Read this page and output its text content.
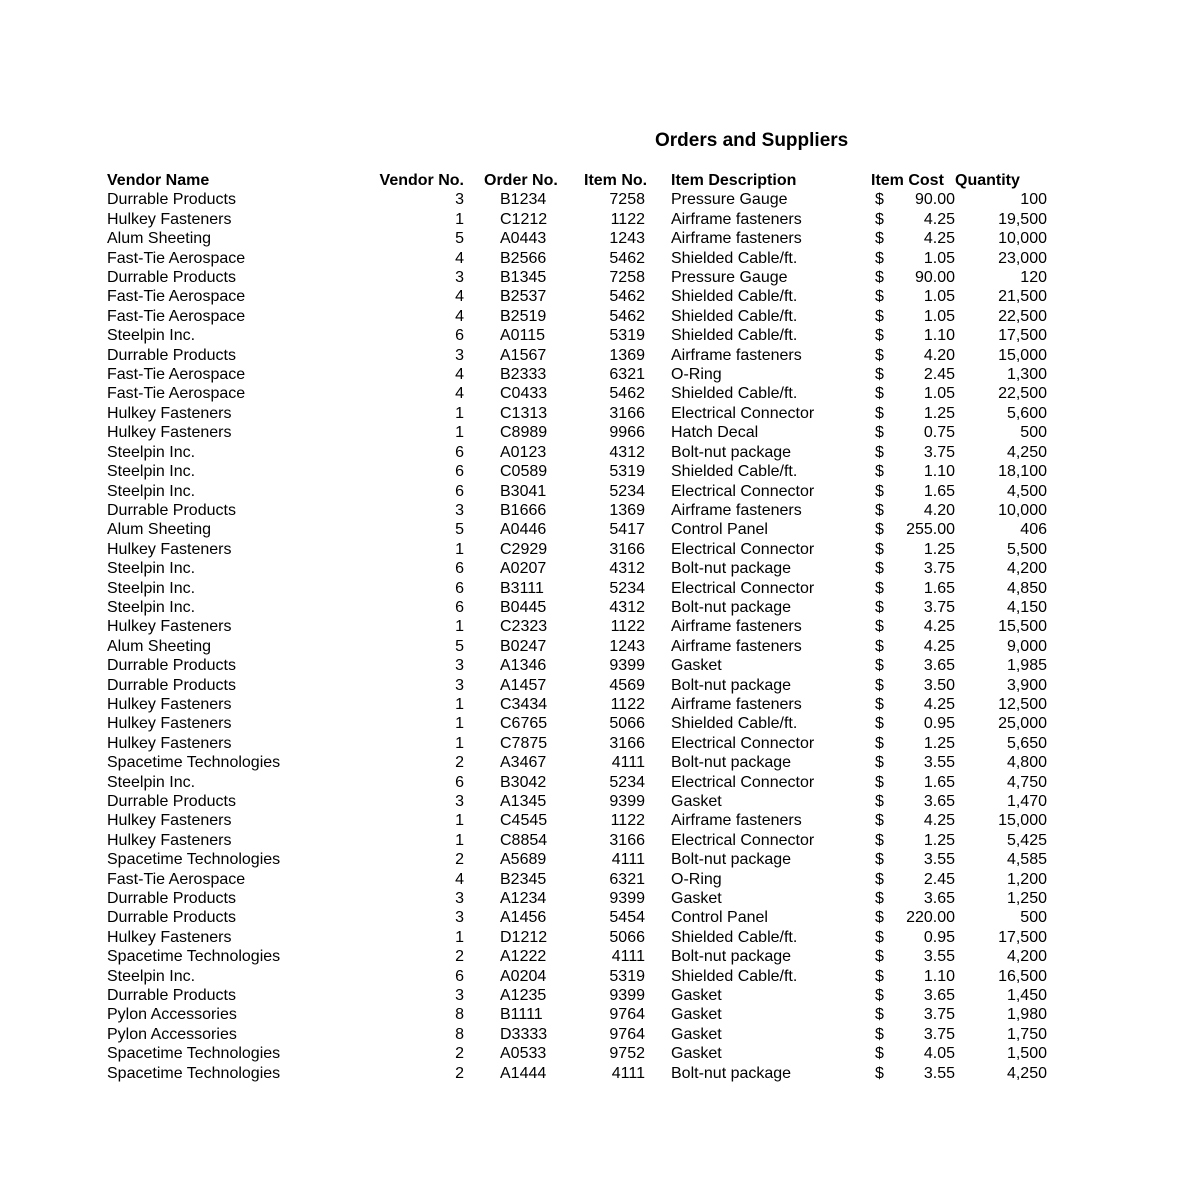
Orders and Suppliers
Vendor Name	Vendor No.	Order No.	Item No.	Item Description	Item Cost	Quantity
Durrable Products	3	B1234	7258	Pressure Gauge	$ 90.00	100
Hulkey Fasteners	1	C1212	1122	Airframe fasteners	$ 4.25	19,500
Alum Sheeting	5	A0443	1243	Airframe fasteners	$ 4.25	10,000
Fast-Tie Aerospace	4	B2566	5462	Shielded Cable/ft.	$ 1.05	23,000
Durrable Products	3	B1345	7258	Pressure Gauge	$ 90.00	120
Fast-Tie Aerospace	4	B2537	5462	Shielded Cable/ft.	$ 1.05	21,500
Fast-Tie Aerospace	4	B2519	5462	Shielded Cable/ft.	$ 1.05	22,500
Steelpin Inc.	6	A0115	5319	Shielded Cable/ft.	$ 1.10	17,500
Durrable Products	3	A1567	1369	Airframe fasteners	$ 4.20	15,000
Fast-Tie Aerospace	4	B2333	6321	O-Ring	$ 2.45	1,300
Fast-Tie Aerospace	4	C0433	5462	Shielded Cable/ft.	$ 1.05	22,500
Hulkey Fasteners	1	C1313	3166	Electrical Connector	$ 1.25	5,600
Hulkey Fasteners	1	C8989	9966	Hatch Decal	$ 0.75	500
Steelpin Inc.	6	A0123	4312	Bolt-nut package	$ 3.75	4,250
Steelpin Inc.	6	C0589	5319	Shielded Cable/ft.	$ 1.10	18,100
Steelpin Inc.	6	B3041	5234	Electrical Connector	$ 1.65	4,500
Durrable Products	3	B1666	1369	Airframe fasteners	$ 4.20	10,000
Alum Sheeting	5	A0446	5417	Control Panel	$ 255.00	406
Hulkey Fasteners	1	C2929	3166	Electrical Connector	$ 1.25	5,500
Steelpin Inc.	6	A0207	4312	Bolt-nut package	$ 3.75	4,200
Steelpin Inc.	6	B3111	5234	Electrical Connector	$ 1.65	4,850
Steelpin Inc.	6	B0445	4312	Bolt-nut package	$ 3.75	4,150
Hulkey Fasteners	1	C2323	1122	Airframe fasteners	$ 4.25	15,500
Alum Sheeting	5	B0247	1243	Airframe fasteners	$ 4.25	9,000
Durrable Products	3	A1346	9399	Gasket	$ 3.65	1,985
Durrable Products	3	A1457	4569	Bolt-nut package	$ 3.50	3,900
Hulkey Fasteners	1	C3434	1122	Airframe fasteners	$ 4.25	12,500
Hulkey Fasteners	1	C6765	5066	Shielded Cable/ft.	$ 0.95	25,000
Hulkey Fasteners	1	C7875	3166	Electrical Connector	$ 1.25	5,650
Spacetime Technologies	2	A3467	4111	Bolt-nut package	$ 3.55	4,800
Steelpin Inc.	6	B3042	5234	Electrical Connector	$ 1.65	4,750
Durrable Products	3	A1345	9399	Gasket	$ 3.65	1,470
Hulkey Fasteners	1	C4545	1122	Airframe fasteners	$ 4.25	15,000
Hulkey Fasteners	1	C8854	3166	Electrical Connector	$ 1.25	5,425
Spacetime Technologies	2	A5689	4111	Bolt-nut package	$ 3.55	4,585
Fast-Tie Aerospace	4	B2345	6321	O-Ring	$ 2.45	1,200
Durrable Products	3	A1234	9399	Gasket	$ 3.65	1,250
Durrable Products	3	A1456	5454	Control Panel	$ 220.00	500
Hulkey Fasteners	1	D1212	5066	Shielded Cable/ft.	$ 0.95	17,500
Spacetime Technologies	2	A1222	4111	Bolt-nut package	$ 3.55	4,200
Steelpin Inc.	6	A0204	5319	Shielded Cable/ft.	$ 1.10	16,500
Durrable Products	3	A1235	9399	Gasket	$ 3.65	1,450
Pylon Accessories	8	B1111	9764	Gasket	$ 3.75	1,980
Pylon Accessories	8	D3333	9764	Gasket	$ 3.75	1,750
Spacetime Technologies	2	A0533	9752	Gasket	$ 4.05	1,500
Spacetime Technologies	2	A1444	4111	Bolt-nut package	$ 3.55	4,250
